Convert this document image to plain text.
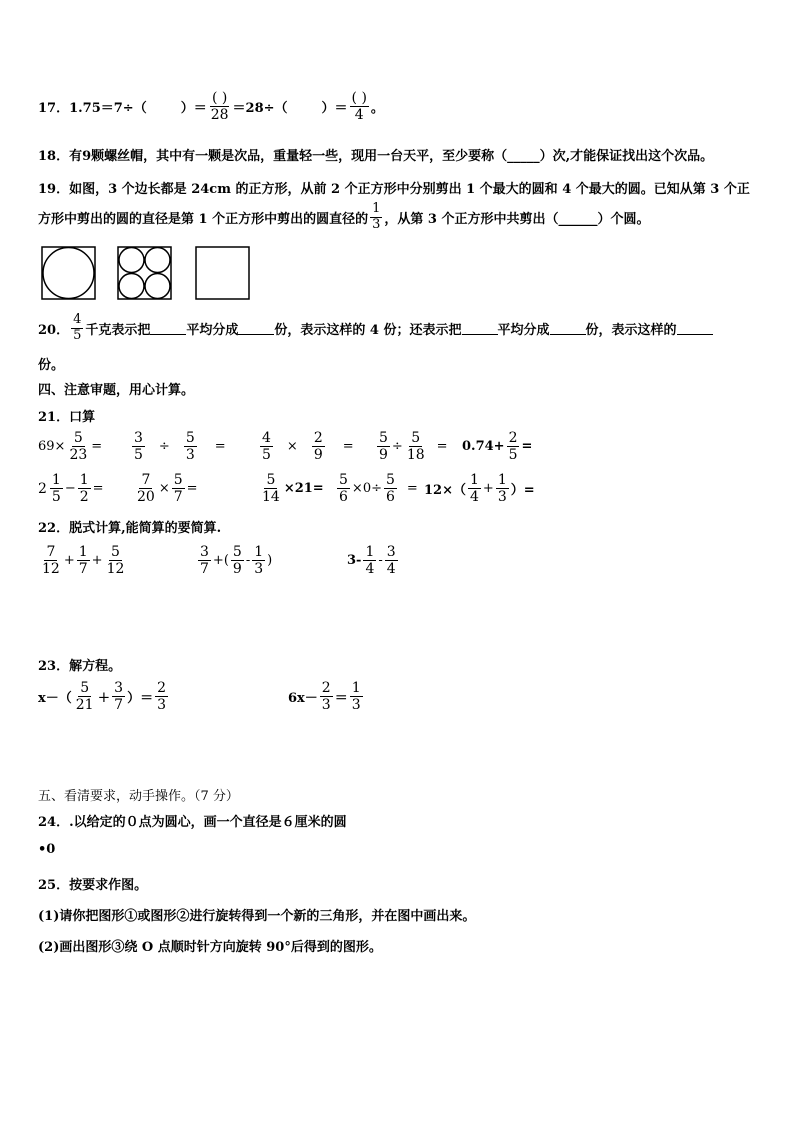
17． 1.75＝7÷（	）＝ $\frac{( )}{28} =28\div$（	）＝ $\frac{( )}{4}$ 。
18．有9颗螺丝帽，其中有一颗是次品，重量轻一些，现用一台天平，至少要称（_____）次,才能保证找出这个次品。
19．如图，3 个边长都是 24cm 的正方形，从前 2 个正方形中分别剪出 1 个最大的圆和 4 个最大的圆。已知从第 3 个正
方形中剪出的圆的直径是第 1 个正方形中剪出的圆直径的 $\frac{1}{3}$ ，从第 3 个正方形中共剪出（______）个圆。
20． $\frac{4}{5}$ 千克表示把	平均分成	份，表示这样的 4 份；还表示把	平均分成	份，表示这样的
份。
四、注意审题，用心计算。
21．口算
$69\times \frac{5}{23} = \frac{3}{5} \div \frac{5}{3} = \frac{4}{5} \times \frac{2}{9} = \frac{5}{9} \div \frac{5}{18} = 0.74+ \frac{2}{5}$ =
$2 \frac{1}{5} - \frac{1}{2} = \frac{7}{20} \times \frac{5}{7}$ =	$\frac{5}{14} \times 21= \frac{5}{6} \times 0\div \frac{5}{6} = 12\times( \frac{1}{4} + \frac{1}{3}$ ）=
22．脱式计算,能简算的要简算.
$\frac{7}{12} + \frac{1}{7} + \frac{5}{12}$	$\frac{3}{7}$ +( $\frac{5}{9} - \frac{1}{3}$ )	$3- \frac{1}{4} - \frac{3}{4}$
23．解方程。
$x-( \frac{5}{21} + \frac{3}{7}$ ）＝ $\frac{2}{3}$	$6x- \frac{2}{3} = \frac{1}{3}$
五、看清要求，动手操作。（7 分）
24．.以给定的０点为圆心，画一个直径是６厘米的圆
•0
25．按要求作图。
(1)请你把图形①或图形②进行旋转得到一个新的三角形，并在图中画出来。
(2)画出图形③绕 O 点顺时针方向旋转 90°后得到的图形。
